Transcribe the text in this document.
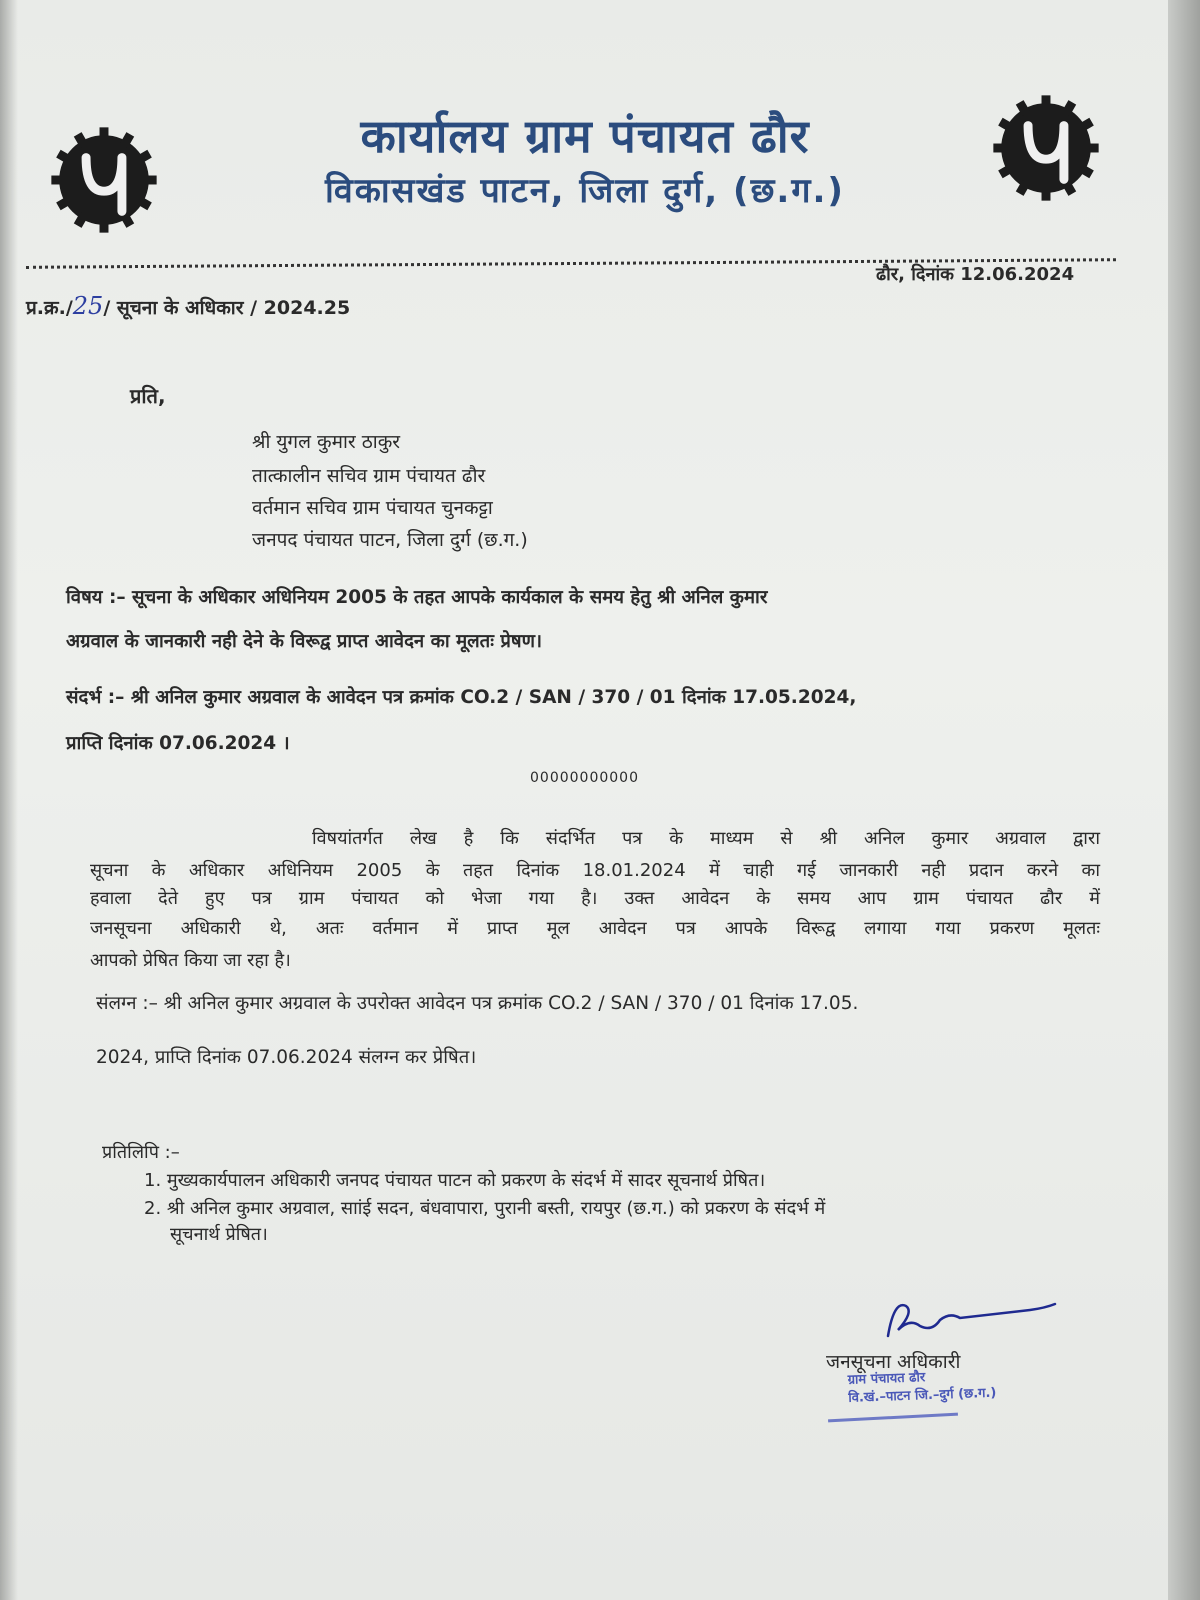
कार्यालय ग्राम पंचायत ढौर
विकासखंड पाटन, जिला दुर्ग, (छ.ग.)
प्र.क्र./25/ सूचना के अधिकार / 2024.25
ढौर, दिनांक 12.06.2024
प्रति,
श्री युगल कुमार ठाकुर
तात्कालीन सचिव ग्राम पंचायत ढौर
वर्तमान सचिव ग्राम पंचायत चुनकट्टा
जनपद पंचायत पाटन, जिला दुर्ग (छ.ग.)
विषय :– सूचना के अधिकार अधिनियम 2005 के तहत आपके कार्यकाल के समय हेतु श्री अनिल कुमार
अग्रवाल के जानकारी नही देने के विरूद्व प्राप्त आवेदन का मूलतः प्रेषण।
संदर्भ :– श्री अनिल कुमार अग्रवाल के आवेदन पत्र क्रमांक CO.2 / SAN / 370 / 01 दिनांक 17.05.2024,
प्राप्ति दिनांक 07.06.2024 ।
00000000000
विषयांतर्गत लेख है कि संदर्भित पत्र के माध्यम से श्री अनिल कुमार अग्रवाल द्वारा
सूचना के अधिकार अधिनियम 2005 के तहत दिनांक 18.01.2024 में चाही गई जानकारी नही प्रदान करने का
हवाला देते हुए पत्र ग्राम पंचायत को भेजा गया है। उक्त आवेदन के समय आप ग्राम पंचायत ढौर में
जनसूचना अधिकारी थे, अतः वर्तमान में प्राप्त मूल आवेदन पत्र आपके विरूद्व लगाया गया प्रकरण मूलतः
आपको प्रेषित किया जा रहा है।
संलग्न :– श्री अनिल कुमार अग्रवाल के उपरोक्त आवेदन पत्र क्रमांक CO.2 / SAN / 370 / 01 दिनांक 17.05.
2024, प्राप्ति दिनांक 07.06.2024 संलग्न कर प्रेषित।
प्रतिलिपि :–
1. मुख्यकार्यपालन अधिकारी जनपद पंचायत पाटन को प्रकरण के संदर्भ में सादर सूचनार्थ प्रेषित।
2. श्री अनिल कुमार अग्रवाल, साांई सदन, बंधवापारा, पुरानी बस्ती, रायपुर (छ.ग.) को प्रकरण के संदर्भ में
सूचनार्थ प्रेषित।
जनसूचना अधिकारी
ग्राम पंचायत ढौर
वि.खं.–पाटन जि.–दुर्ग (छ.ग.)
